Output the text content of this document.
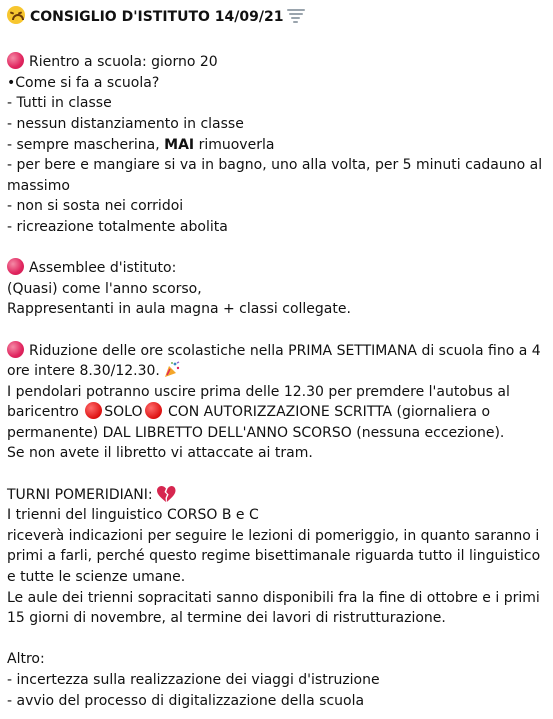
CONSIGLIO D'ISTITUTO 14/09/21
Rientro a scuola: giorno 20
•Come si fa a scuola?
- Tutti in classe
- nessun distanziamento in classe
- sempre mascherina, MAI rimuoverla
- per bere e mangiare si va in bagno, uno alla volta, per 5 minuti cadauno al massimo
- non si sosta nei corridoi
- ricreazione totalmente abolita
Assemblee d'istituto:
(Quasi) come l'anno scorso,
Rappresentanti in aula magna + classi collegate.
Riduzione delle ore scolastiche nella PRIMA SETTIMANA di scuola fino a 4 ore intere 8.30/12.30.
I pendolari potranno uscire prima delle 12.30 per premdere l'autobus al
baricentro SOLO CON AUTORIZZAZIONE SCRITTA (giornaliera o permanente) DAL LIBRETTO DELL'ANNO SCORSO (nessuna eccezione).
Se non avete il libretto vi attaccate ai tram.
TURNI POMERIDIANI:
I trienni del linguistico CORSO B e C
riceverà indicazioni per seguire le lezioni di pomeriggio, in quanto saranno i primi a farli, perché questo regime bisettimanale riguarda tutto il linguistico e tutte le scienze umane.
Le aule dei trienni sopracitati sanno disponibili fra la fine di ottobre e i primi 15 giorni di novembre, al termine dei lavori di ristrutturazione.
Altro:
- incertezza sulla realizzazione dei viaggi d'istruzione
- avvio del processo di digitalizzazione della scuola
